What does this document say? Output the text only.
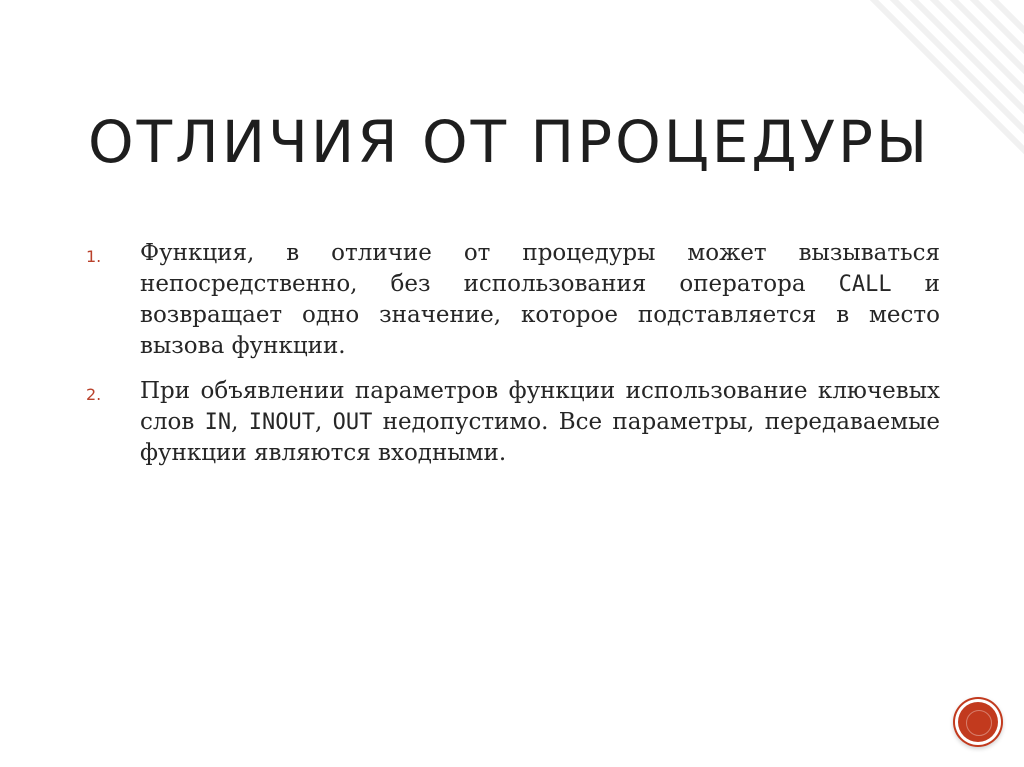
ОТЛИЧИЯ ОТ ПРОЦЕДУРЫ
1.	Функция, в отличие от процедуры может вызываться непосредственно, без использования оператора CALL и возвращает одно значение, которое подставляется в место вызова функции.
2.	При объявлении параметров функции использование ключевых слов IN, INOUT, OUT недопустимо. Все параметры, передаваемые функции являются входными.
